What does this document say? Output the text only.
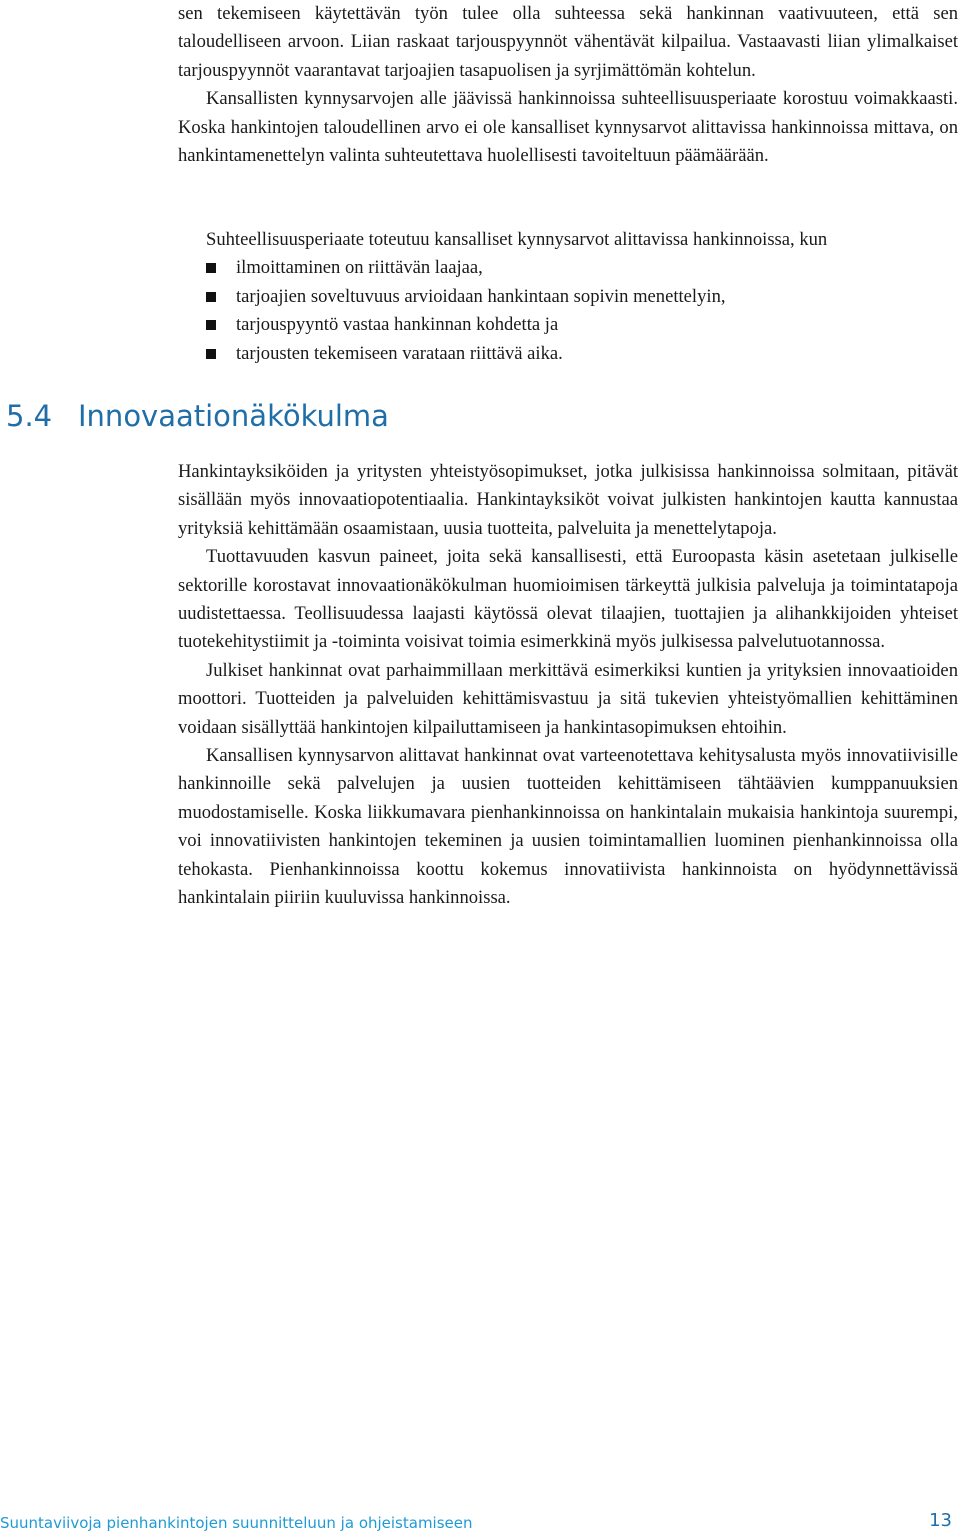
sen tekemiseen käytettävän työn tulee olla suhteessa sekä hankinnan vaativuuteen, että sen taloudelliseen arvoon. Liian raskaat tarjouspyynnöt vähentävät kilpailua. Vastaavasti liian ylimalkaiset tarjouspyynnöt vaarantavat tarjoajien tasapuolisen ja syrjimättömän kohtelun.

Kansallisten kynnysarvojen alle jäävissä hankinnoissa suhteellisuusperiaate korostuu voimakkaasti. Koska hankintojen taloudellinen arvo ei ole kansalliset kynnysarvot alittavissa hankinnoissa mittava, on hankintamenettelyn valinta suhteutettava huolellisesti tavoiteltuun päämäärään.

Suhteellisuusperiaate toteutuu kansalliset kynnysarvot alittavissa hankinnoissa, kun

ilmoittaminen on riittävän laajaa,
tarjoajien soveltuvuus arvioidaan hankintaan sopivin menettelyin,
tarjouspyyntö vastaa hankinnan kohdetta ja
tarjousten tekemiseen varataan riittävä aika.
5.4 Innovaationäkökulma

Hankintayksiköiden ja yritysten yhteistyösopimukset, jotka julkisissa hankinnoissa solmitaan, pitävät sisällään myös innovaatiopotentiaalia. Hankintayksiköt voivat julkisten hankintojen kautta kannustaa yrityksiä kehittämään osaamistaan, uusia tuotteita, palveluita ja menettelytapoja.

Tuottavuuden kasvun paineet, joita sekä kansallisesti, että Euroopasta käsin asetetaan julkiselle sektorille korostavat innovaationäkökulman huomioimisen tärkeyttä julkisia palveluja ja toimintatapoja uudistettaessa. Teollisuudessa laajasti käytössä olevat tilaajien, tuottajien ja alihankkijoiden yhteiset tuotekehitystiimit ja -toiminta voisivat toimia esimerkkinä myös julkisessa palvelutuotannossa.

Julkiset hankinnat ovat parhaimmillaan merkittävä esimerkiksi kuntien ja yrityksien innovaatioiden moottori. Tuotteiden ja palveluiden kehittämisvastuu ja sitä tukevien yhteistyömallien kehittäminen voidaan sisällyttää hankintojen kilpailuttamiseen ja hankintasopimuksen ehtoihin.

Kansallisen kynnysarvon alittavat hankinnat ovat varteenotettava kehitysalusta myös innovatiivisille hankinnoille sekä palvelujen ja uusien tuotteiden kehittämiseen tähtäävien kumppanuuksien muodostamiselle. Koska liikkumavara pienhankinnoissa on hankintalain mukaisia hankintoja suurempi, voi innovatiivisten hankintojen tekeminen ja uusien toimintamallien luominen pienhankinnoissa olla tehokasta. Pienhankinnoissa koottu kokemus innovatiivista hankinnoista on hyödynnettävissä hankintalain piiriin kuuluvissa hankinnoissa.

Suuntaviivoja pienhankintojen suunnitteluun ja ohjeistamiseen	13
